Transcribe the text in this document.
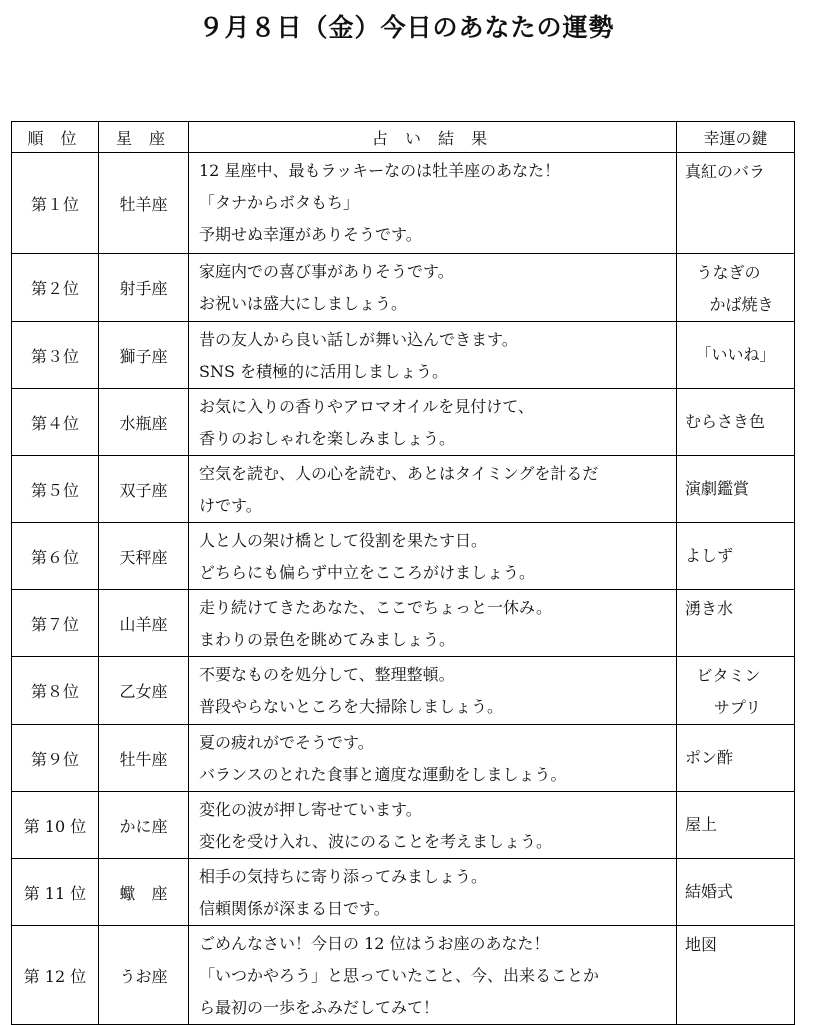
９月８日（金）今日のあなたの運勢
順 位	星 座	占 い 結 果	幸運の鍵
第１位	牡羊座	12 星座中、最もラッキーなのは牡羊座のあなた！
「タナからボタもち」
予期せぬ幸運がありそうです。	真紅のバラ

第２位	射手座	家庭内での喜び事がありそうです。
お祝いは盛大にしましょう。	うなぎの
かば焼き

第３位	獅子座	昔の友人から良い話しが舞い込んできます。
SNS を積極的に活用しましょう。	「いいね」

第４位	水瓶座	お気に入りの香りやアロマオイルを見付けて、
香りのおしゃれを楽しみましょう。	むらさき色

第５位	双子座	空気を読む、人の心を読む、あとはタイミングを計るだ
けです。	演劇鑑賞

第６位	天秤座	人と人の架け橋として役割を果たす日。
どちらにも偏らず中立をこころがけましょう。	よしず

第７位	山羊座	走り続けてきたあなた、ここでちょっと一休み。
まわりの景色を眺めてみましょう。	湧き水

第８位	乙女座	不要なものを処分して、整理整頓。
普段やらないところを大掃除しましょう。	ビタミン
サプリ

第９位	牡牛座	夏の疲れがでそうです。
バランスのとれた食事と適度な運動をしましょう。	ポン酢

第 10 位	かに座	変化の波が押し寄せています。
変化を受け入れ、波にのることを考えましょう。	屋上

第 11 位	蠍　座	相手の気持ちに寄り添ってみましょう。
信頼関係が深まる日です。	結婚式

第 12 位	うお座	ごめんなさい！今日の 12 位はうお座のあなた！
「いつかやろう」と思っていたこと、今、出来ることか
ら最初の一歩をふみだしてみて！	地図
